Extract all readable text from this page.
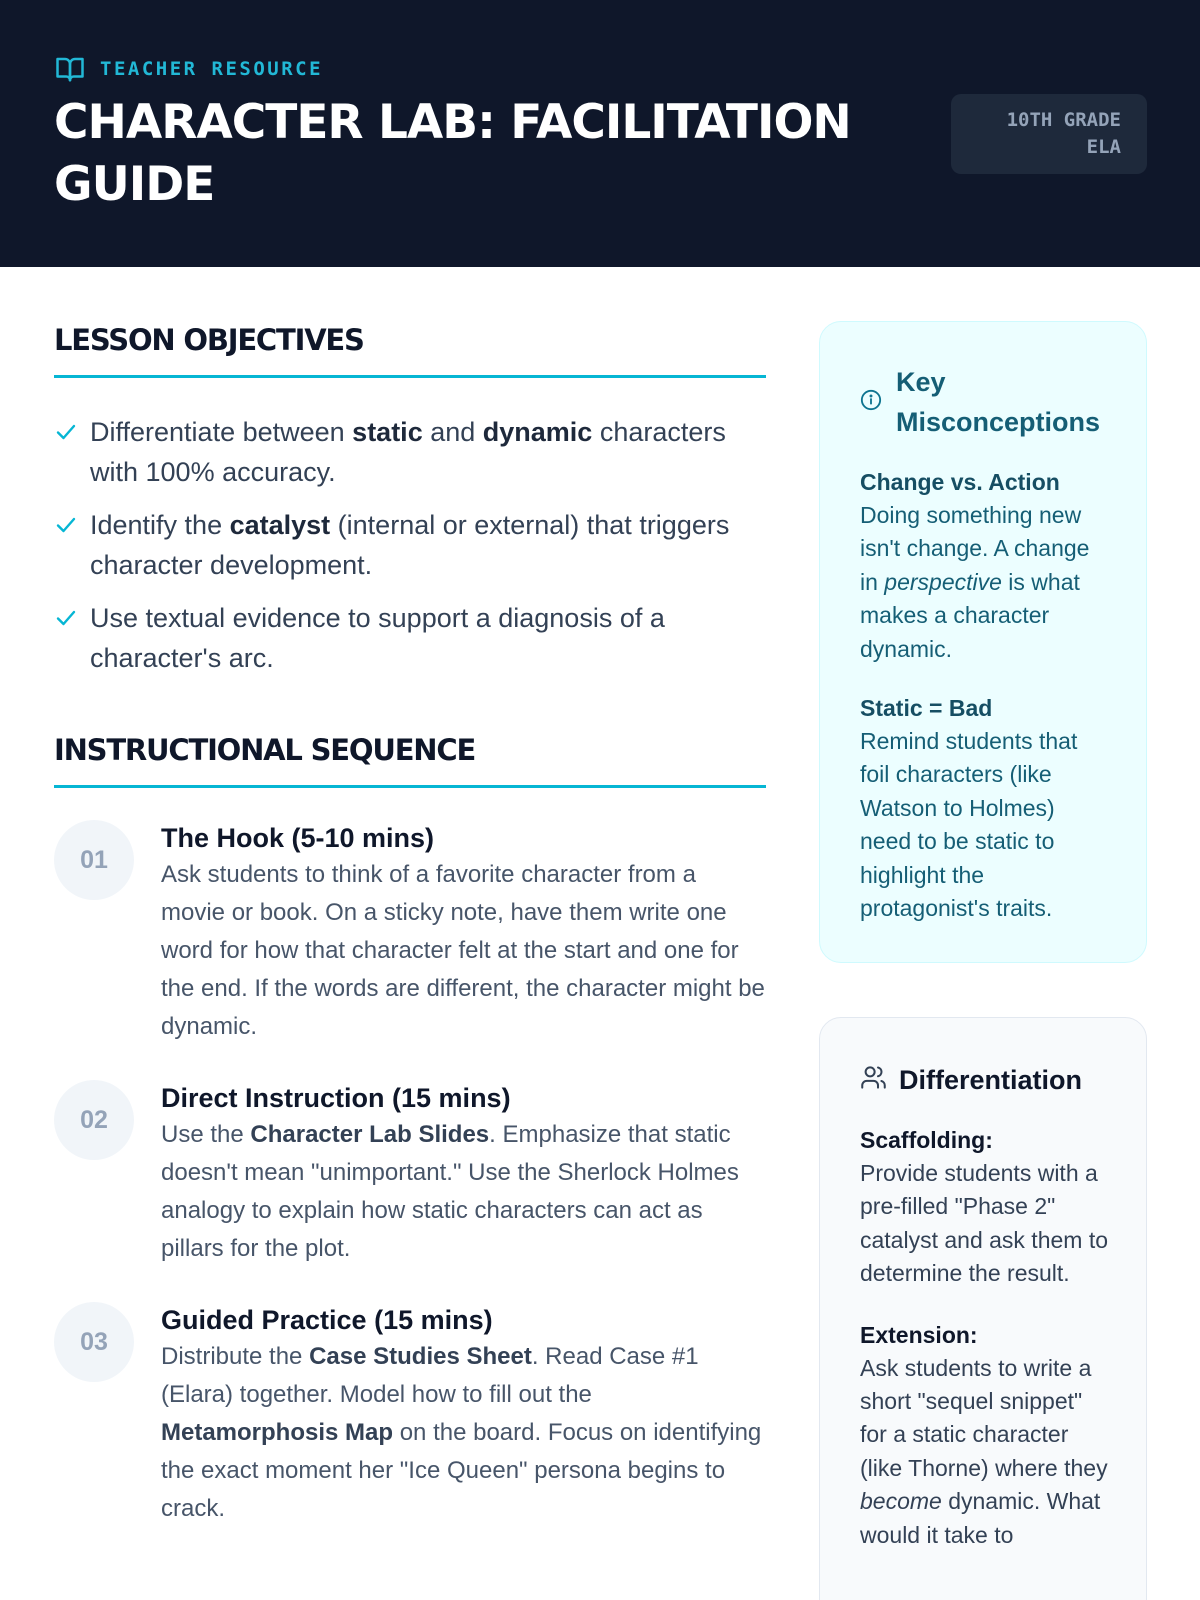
TEACHER RESOURCE
CHARACTER LAB: FACILITATION GUIDE
10TH GRADE
ELA
LESSON OBJECTIVES
Differentiate between static and dynamic characters with 100% accuracy.
Identify the catalyst (internal or external) that triggers character development.
Use textual evidence to support a diagnosis of a character's arc.
INSTRUCTIONAL SEQUENCE
01
The Hook (5-10 mins)
Ask students to think of a favorite character from a movie or book. On a sticky note, have them write one word for how that character felt at the start and one for the end. If the words are different, the character might be dynamic.
02
Direct Instruction (15 mins)
Use the Character Lab Slides. Emphasize that static doesn't mean "unimportant." Use the Sherlock Holmes analogy to explain how static characters can act as pillars for the plot.
03
Guided Practice (15 mins)
Distribute the Case Studies Sheet. Read Case #1 (Elara) together. Model how to fill out the Metamorphosis Map on the board. Focus on identifying the exact moment her "Ice Queen" persona begins to crack.
Key Misconceptions
Change vs. Action
Doing something new isn't change. A change in perspective is what makes a character dynamic.
Static = Bad
Remind students that foil characters (like Watson to Holmes) need to be static to highlight the protagonist's traits.
Differentiation
Scaffolding:
Provide students with a pre-filled "Phase 2" catalyst and ask them to determine the result.
Extension:
Ask students to write a short "sequel snippet" for a static character (like Thorne) where they become dynamic. What would it take to
